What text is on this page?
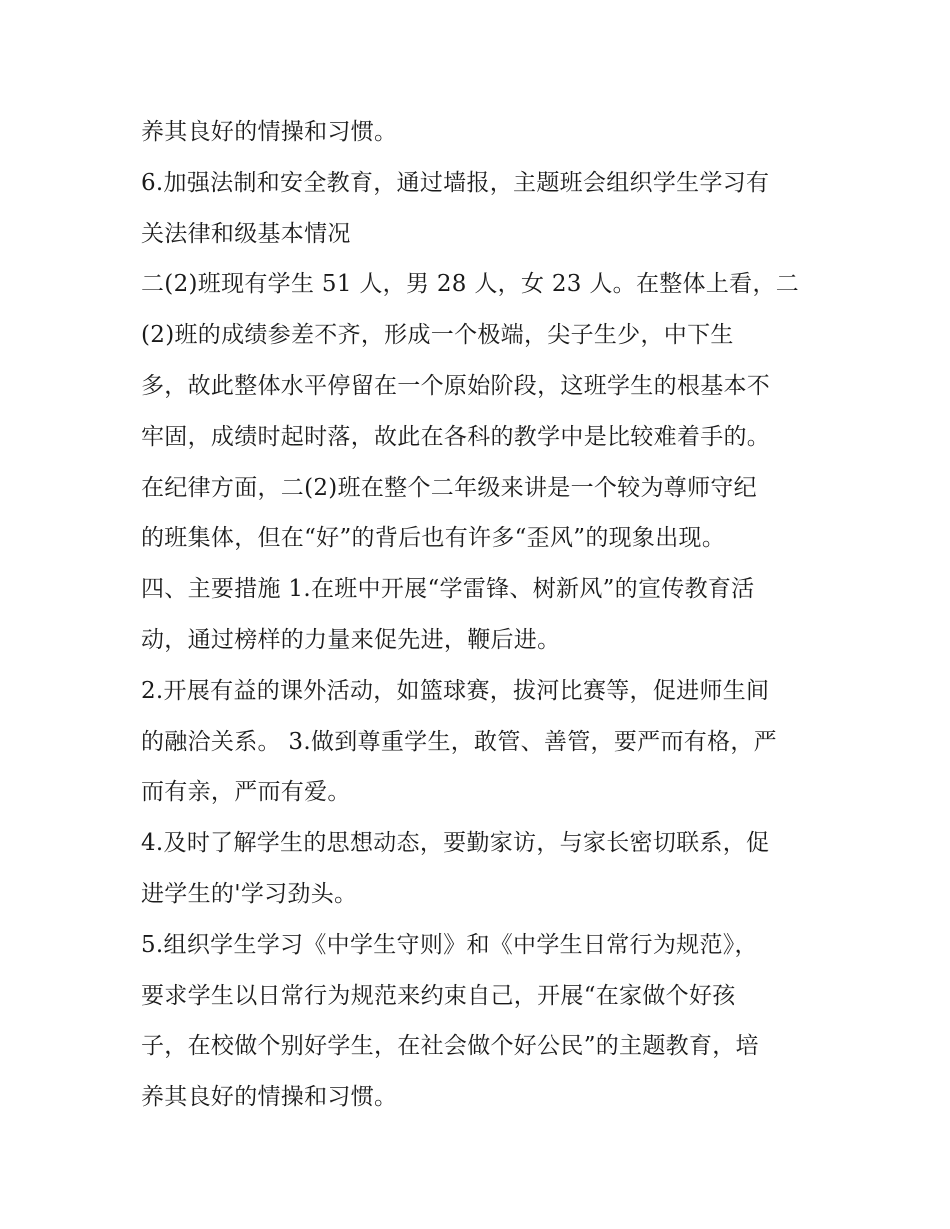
养其良好的情操和习惯。
6.加强法制和安全教育，通过墙报，主题班会组织学生学习有
关法律和级基本情况
二(2)班现有学生 51 人，男 28 人，女 23 人。在整体上看，二
(2)班的成绩参差不齐，形成一个极端，尖子生少，中下生
多，故此整体水平停留在一个原始阶段，这班学生的根基本不
牢固，成绩时起时落，故此在各科的教学中是比较难着手的。
在纪律方面，二(2)班在整个二年级来讲是一个较为尊师守纪
的班集体，但在“好”的背后也有许多“歪风”的现象出现。
四、主要措施 1.在班中开展“学雷锋、树新风”的宣传教育活
动，通过榜样的力量来促先进，鞭后进。
2.开展有益的课外活动，如篮球赛，拔河比赛等，促进师生间
的融洽关系。 3.做到尊重学生，敢管、善管，要严而有格，严
而有亲，严而有爱。
4.及时了解学生的思想动态，要勤家访，与家长密切联系，促
进学生的'学习劲头。
5.组织学生学习《中学生守则》和《中学生日常行为规范》，
要求学生以日常行为规范来约束自己，开展“在家做个好孩
子，在校做个别好学生，在社会做个好公民”的主题教育，培
养其良好的情操和习惯。
